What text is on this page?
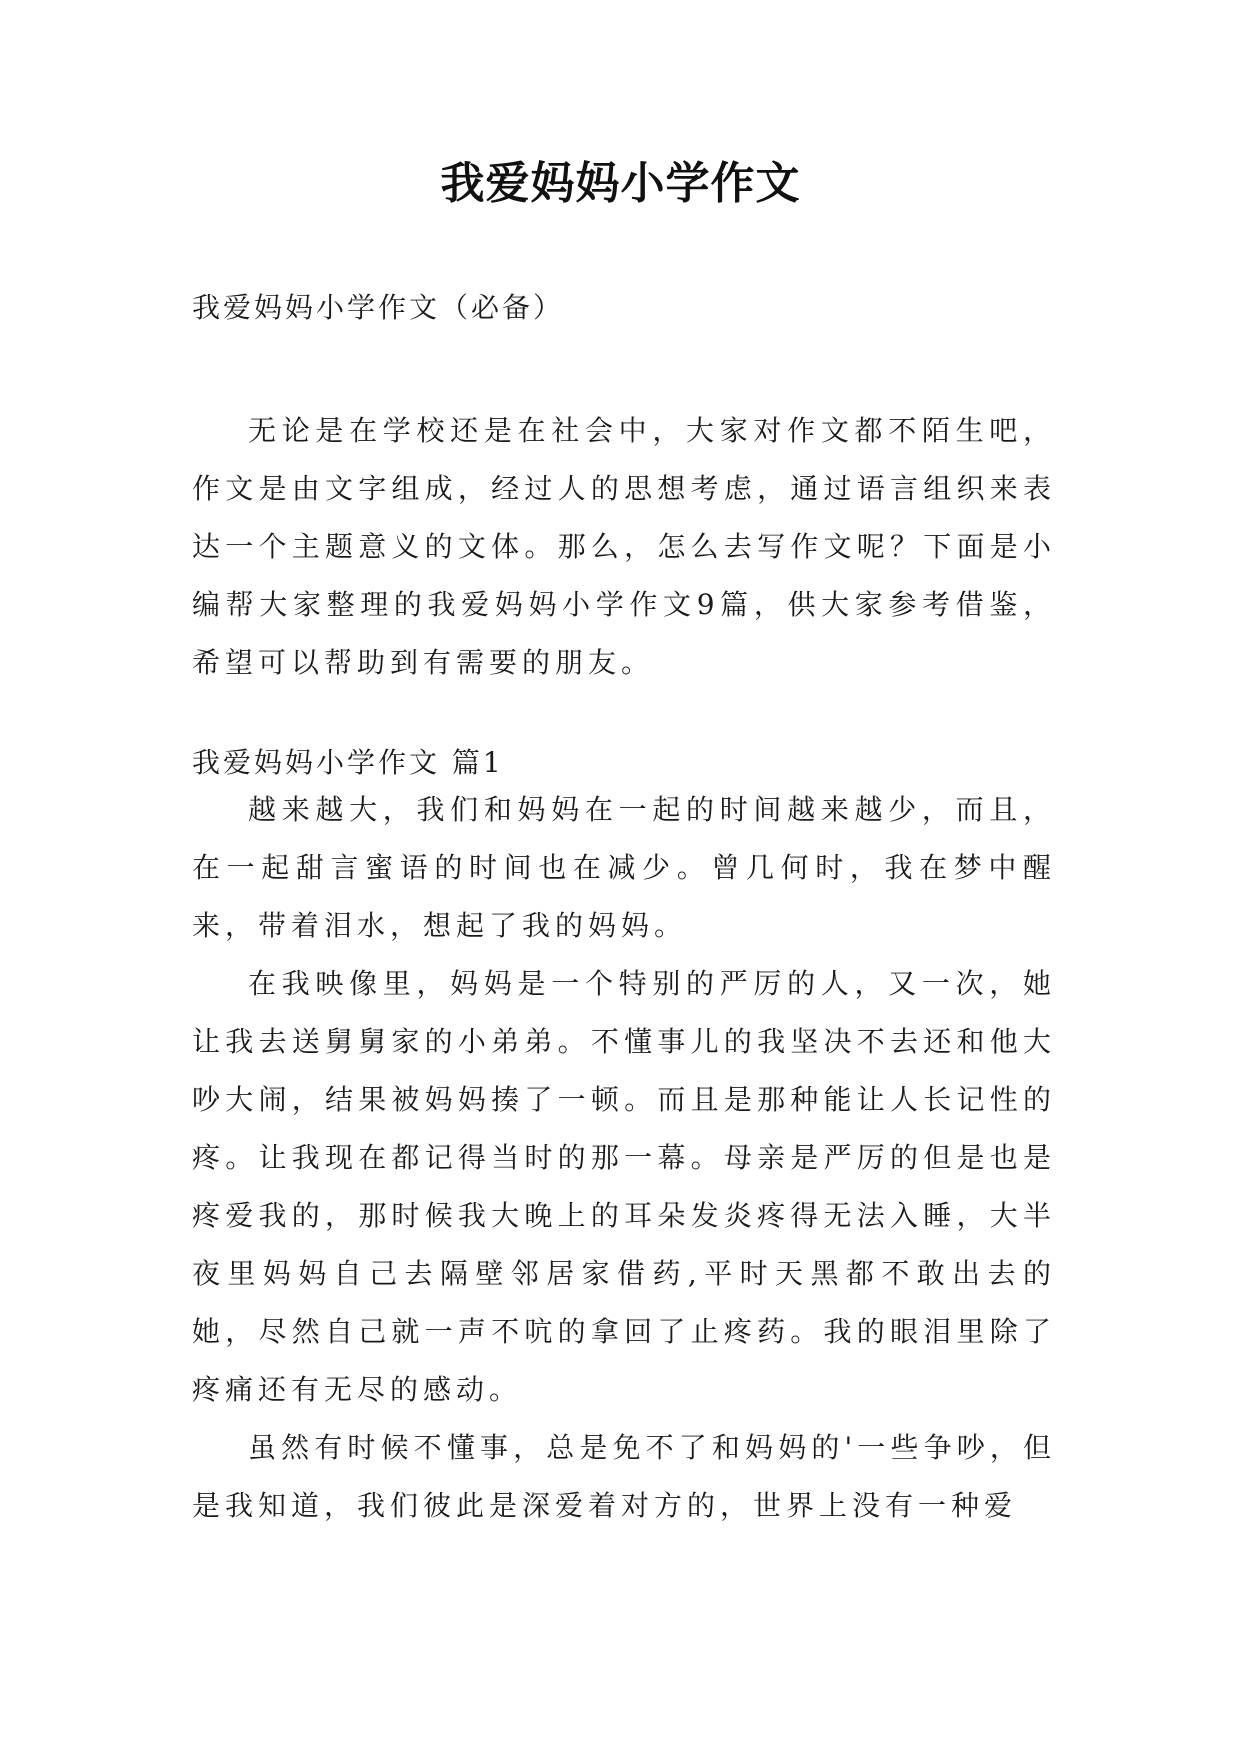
我爱妈妈小学作文
我爱妈妈小学作文（必备）

无论是在学校还是在社会中，大家对作文都不陌生吧，作文是由文字组成，经过人的思想考虑，通过语言组织来表达一个主题意义的文体。那么，怎么去写作文呢？下面是小编帮大家整理的我爱妈妈小学作文9篇，供大家参考借鉴，希望可以帮助到有需要的朋友。

我爱妈妈小学作文 篇1

越来越大，我们和妈妈在一起的时间越来越少，而且，在一起甜言蜜语的时间也在减少。曾几何时，我在梦中醒来，带着泪水，想起了我的妈妈。

在我映像里，妈妈是一个特别的严厉的人，又一次，她让我去送舅舅家的小弟弟。不懂事儿的我坚决不去还和他大吵大闹，结果被妈妈揍了一顿。而且是那种能让人长记性的疼。让我现在都记得当时的那一幕。母亲是严厉的但是也是疼爱我的，那时候我大晚上的耳朵发炎疼得无法入睡，大半夜里妈妈自己去隔壁邻居家借药,平时天黑都不敢出去的她，尽然自己就一声不吭的拿回了止疼药。我的眼泪里除了疼痛还有无尽的感动。

虽然有时候不懂事，总是免不了和妈妈的'一些争吵，但是我知道，我们彼此是深爱着对方的，世界上没有一种爱
